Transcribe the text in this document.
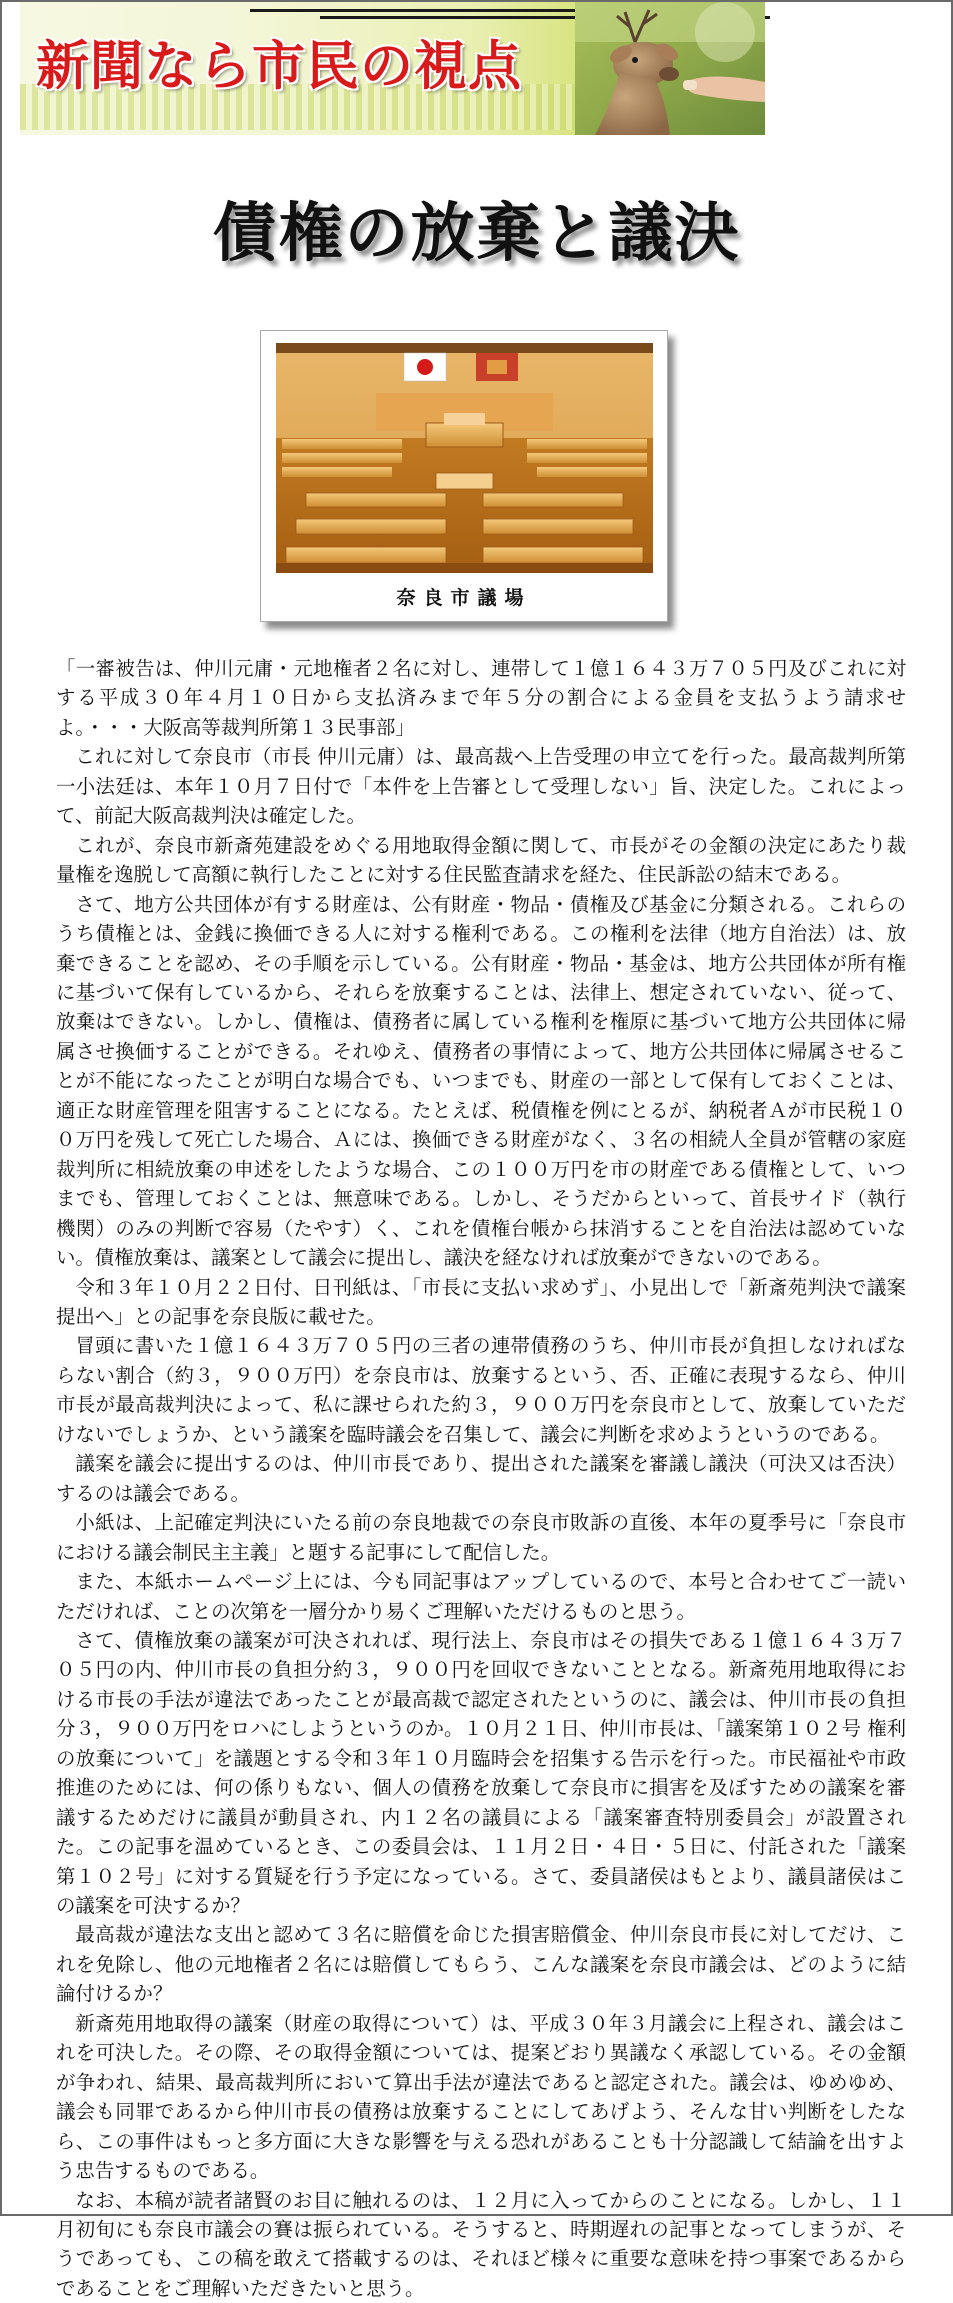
新聞なら市民の視点
債権の放棄と議決
奈良市議場

「一審被告は、仲川元庸・元地権者２名に対し、連帯して１億１６４３万７０５円及びこれに対する平成３０年４月１０日から支払済みまで年５分の割合による金員を支払うよう請求せよ。・・・大阪高等裁判所第１３民事部」

これに対して奈良市（市長 仲川元庸）は、最高裁へ上告受理の申立てを行った。最高裁判所第一小法廷は、本年１０月７日付で「本件を上告審として受理しない」旨、決定した。これによって、前記大阪高裁判決は確定した。

これが、奈良市新斎苑建設をめぐる用地取得金額に関して、市長がその金額の決定にあたり裁量権を逸脱して高額に執行したことに対する住民監査請求を経た、住民訴訟の結末である。

さて、地方公共団体が有する財産は、公有財産・物品・債権及び基金に分類される。これらのうち債権とは、金銭に換価できる人に対する権利である。この権利を法律（地方自治法）は、放棄できることを認め、その手順を示している。公有財産・物品・基金は、地方公共団体が所有権に基づいて保有しているから、それらを放棄することは、法律上、想定されていない、従って、放棄はできない。しかし、債権は、債務者に属している権利を権原に基づいて地方公共団体に帰属させ換価することができる。それゆえ、債務者の事情によって、地方公共団体に帰属させることが不能になったことが明白な場合でも、いつまでも、財産の一部として保有しておくことは、適正な財産管理を阻害することになる。たとえば、税債権を例にとるが、納税者Ａが市民税１００万円を残して死亡した場合、Ａには、換価できる財産がなく、３名の相続人全員が管轄の家庭裁判所に相続放棄の申述をしたような場合、この１００万円を市の財産である債権として、いつまでも、管理しておくことは、無意味である。しかし、そうだからといって、首長サイド（執行機関）のみの判断で容易（たやす）く、これを債権台帳から抹消することを自治法は認めていない。債権放棄は、議案として議会に提出し、議決を経なければ放棄ができないのである。

令和３年１０月２２日付、日刊紙は、「市長に支払い求めず」、小見出しで「新斎苑判決で議案提出へ」との記事を奈良版に載せた。

冒頭に書いた１億１６４３万７０５円の三者の連帯債務のうち、仲川市長が負担しなければならない割合（約３，９００万円）を奈良市は、放棄するという、否、正確に表現するなら、仲川市長が最高裁判決によって、私に課せられた約３，９００万円を奈良市として、放棄していただけないでしょうか、という議案を臨時議会を召集して、議会に判断を求めようというのである。

議案を議会に提出するのは、仲川市長であり、提出された議案を審議し議決（可決又は否決）するのは議会である。

小紙は、上記確定判決にいたる前の奈良地裁での奈良市敗訴の直後、本年の夏季号に「奈良市における議会制民主主義」と題する記事にして配信した。

また、本紙ホームページ上には、今も同記事はアップしているので、本号と合わせてご一読いただければ、ことの次第を一層分かり易くご理解いただけるものと思う。

さて、債権放棄の議案が可決されれば、現行法上、奈良市はその損失である１億１６４３万７０５円の内、仲川市長の負担分約３，９００円を回収できないこととなる。新斎苑用地取得における市長の手法が違法であったことが最高裁で認定されたというのに、議会は、仲川市長の負担分３，９００万円をロハにしようというのか。１０月２１日、仲川市長は、「議案第１０２号 権利の放棄について」を議題とする令和３年１０月臨時会を招集する告示を行った。市民福祉や市政推進のためには、何の係りもない、個人の債務を放棄して奈良市に損害を及ぼすための議案を審議するためだけに議員が動員され、内１２名の議員による「議案審査特別委員会」が設置された。この記事を温めているとき、この委員会は、１１月２日・４日・５日に、付託された「議案第１０２号」に対する質疑を行う予定になっている。さて、委員諸侯はもとより、議員諸侯はこの議案を可決するか？

最高裁が違法な支出と認めて３名に賠償を命じた損害賠償金、仲川奈良市長に対してだけ、これを免除し、他の元地権者２名には賠償してもらう、こんな議案を奈良市議会は、どのように結論付けるか？

新斎苑用地取得の議案（財産の取得について）は、平成３０年３月議会に上程され、議会はこれを可決した。その際、その取得金額については、提案どおり異議なく承認している。その金額が争われ、結果、最高裁判所において算出手法が違法であると認定された。議会は、ゆめゆめ、議会も同罪であるから仲川市長の債務は放棄することにしてあげよう、そんな甘い判断をしたなら、この事件はもっと多方面に大きな影響を与える恐れがあることも十分認識して結論を出すよう忠告するものである。

なお、本稿が読者諸賢のお目に触れるのは、１２月に入ってからのことになる。しかし、１１月初旬にも奈良市議会の賽は振られている。そうすると、時期遅れの記事となってしまうが、そうであっても、この稿を敢えて搭載するのは、それほど様々に重要な意味を持つ事案であるからであることをご理解いただきたいと思う。
